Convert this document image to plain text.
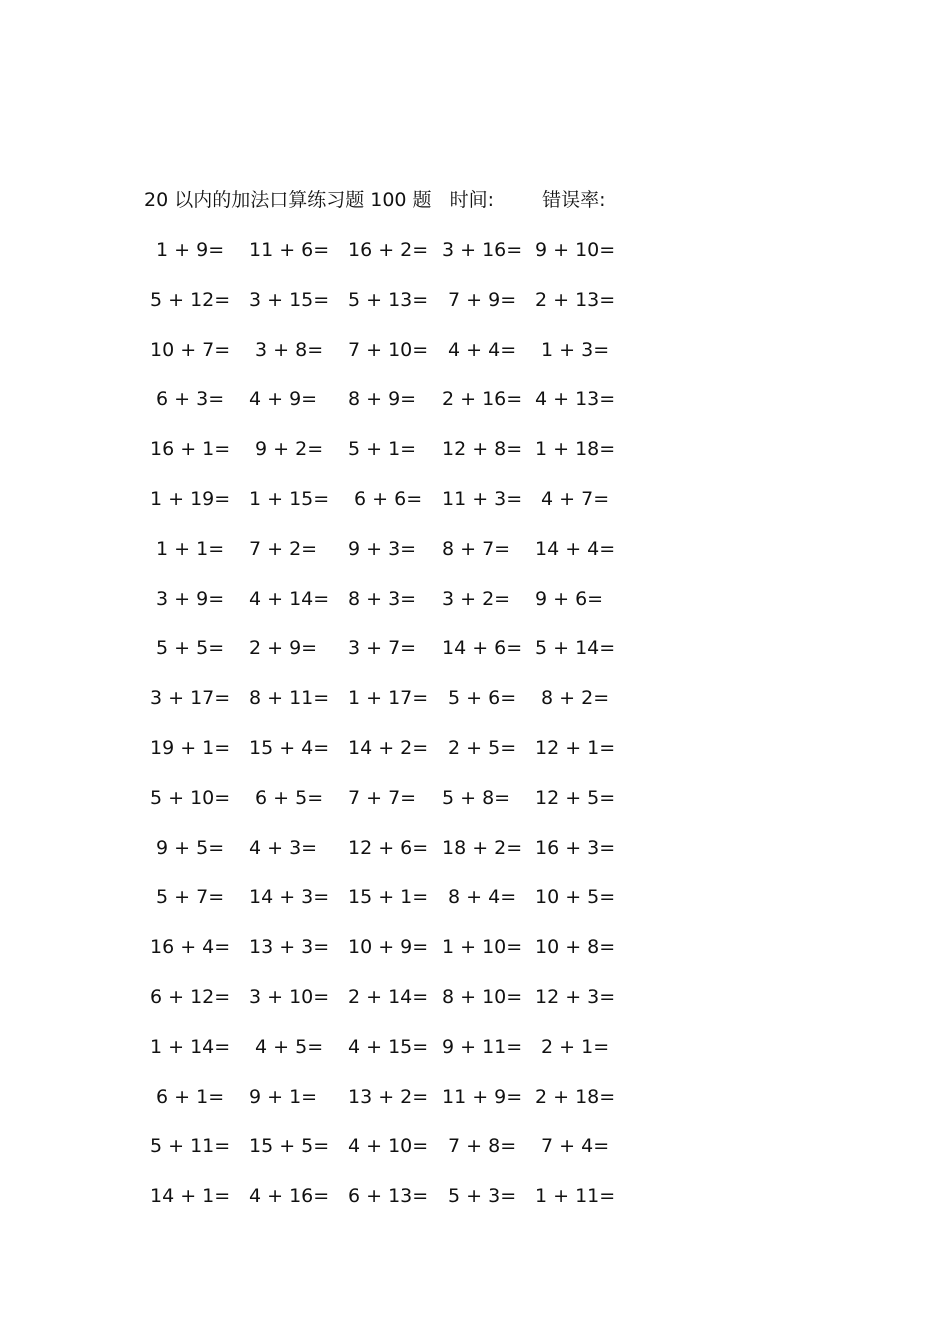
20 以内的加法口算练习题 100 题 时间:	错误率:
1 + 9= 11 + 6= 16 + 2= 3 + 16= 9 + 10=
5 + 12= 3 + 15= 5 + 13= 7 + 9= 2 + 13=
10 + 7= 3 + 8= 7 + 10= 4 + 4= 1 + 3=
6 + 3= 4 + 9= 8 + 9= 2 + 16= 4 + 13=
16 + 1= 9 + 2= 5 + 1= 12 + 8= 1 + 18=
1 + 19= 1 + 15= 6 + 6= 11 + 3= 4 + 7=
1 + 1= 7 + 2= 9 + 3= 8 + 7= 14 + 4=
3 + 9= 4 + 14= 8 + 3= 3 + 2= 9 + 6=
5 + 5= 2 + 9= 3 + 7= 14 + 6= 5 + 14=
3 + 17= 8 + 11= 1 + 17= 5 + 6= 8 + 2=
19 + 1= 15 + 4= 14 + 2= 2 + 5= 12 + 1=
5 + 10= 6 + 5= 7 + 7= 5 + 8= 12 + 5=
9 + 5= 4 + 3= 12 + 6= 18 + 2= 16 + 3=
5 + 7= 14 + 3= 15 + 1= 8 + 4= 10 + 5=
16 + 4= 13 + 3= 10 + 9= 1 + 10= 10 + 8=
6 + 12= 3 + 10= 2 + 14= 8 + 10= 12 + 3=
1 + 14= 4 + 5= 4 + 15= 9 + 11= 2 + 1=
6 + 1= 9 + 1= 13 + 2= 11 + 9= 2 + 18=
5 + 11= 15 + 5= 4 + 10= 7 + 8= 7 + 4=
14 + 1= 4 + 16= 6 + 13= 5 + 3= 1 + 11=
